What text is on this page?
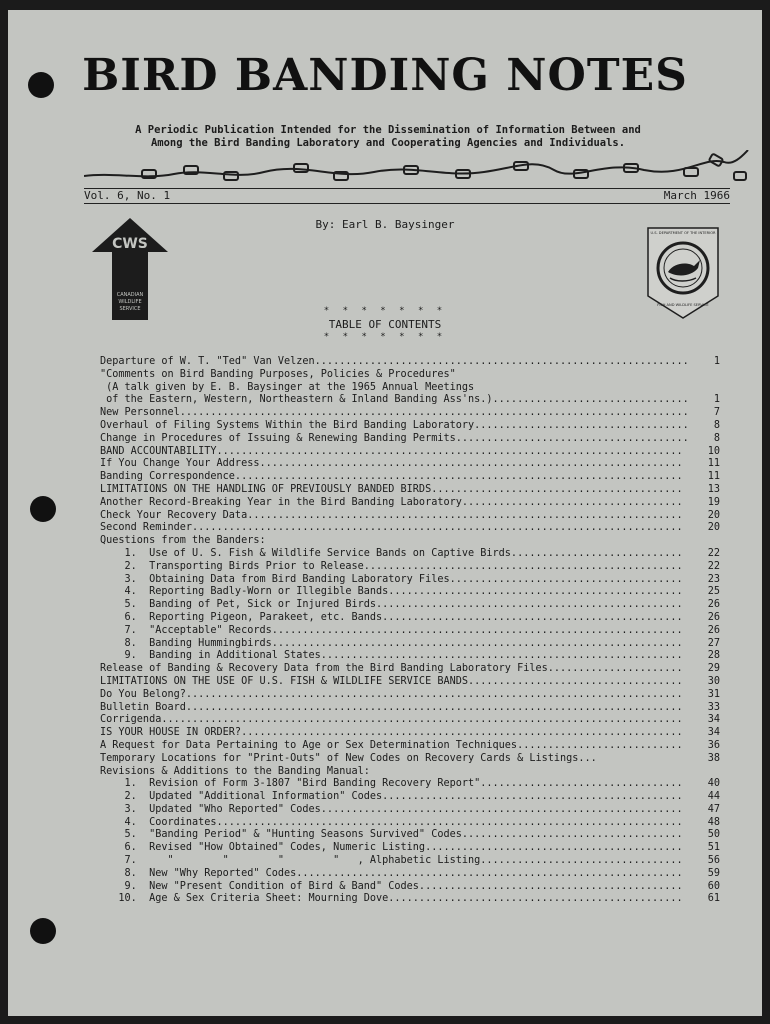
BIRD BANDING NOTES
A Periodic Publication Intended for the Dissemination of Information Between and
Among the Bird Banding Laboratory and Cooperating Agencies and Individuals.
Vol. 6, No. 1	March 1966
By: Earl B. Baysinger
CWS
CANADIAN
WILDLIFE
SERVICE
U.S. DEPARTMENT OF THE INTERIOR
FISH AND WILDLIFE SERVICE
* * * * * * *
TABLE OF CONTENTS
* * * * * * *
Departure of W. T. "Ted" Van Velzen............................................................. 1
"Comments on Bird Banding Purposes, Policies & Procedures"
(A talk given by E. B. Baysinger at the 1965 Annual Meetings
of the Eastern, Western, Northeastern & Inland Banding Ass'ns.)................................ 1
New Personnel................................................................................... 7
Overhaul of Filing Systems Within the Bird Banding Laboratory................................... 8
Change in Procedures of Issuing & Renewing Banding Permits...................................... 8
BAND ACCOUNTABILITY............................................................................ 10
If You Change Your Address..................................................................... 11
Banding Correspondence......................................................................... 11
LIMITATIONS ON THE HANDLING OF PREVIOUSLY BANDED BIRDS......................................... 13
Another Record-Breaking Year in the Bird Banding Laboratory.................................... 19
Check Your Recovery Data....................................................................... 20
Second Reminder................................................................................ 20
Questions from the Banders:
1.  Use of U. S. Fish & Wildlife Service Bands on Captive Birds............................ 22
2.  Transporting Birds Prior to Release.................................................... 22
3.  Obtaining Data from Bird Banding Laboratory Files...................................... 23
4.  Reporting Badly-Worn or Illegible Bands................................................ 25
5.  Banding of Pet, Sick or Injured Birds.................................................. 26
6.  Reporting Pigeon, Parakeet, etc. Bands................................................. 26
7.  "Acceptable" Records................................................................... 26
8.  Banding Hummingbirds................................................................... 27
9.  Banding in Additional States........................................................... 28
Release of Banding & Recovery Data from the Bird Banding Laboratory Files...................... 29
LIMITATIONS ON THE USE OF U.S. FISH & WILDLIFE SERVICE BANDS................................... 30
Do You Belong?................................................................................. 31
Bulletin Board................................................................................. 33
Corrigenda..................................................................................... 34
IS YOUR HOUSE IN ORDER?........................................................................ 34
A Request for Data Pertaining to Age or Sex Determination Techniques........................... 36
Temporary Locations for "Print-Outs" of New Codes on Recovery Cards & Listings...	38
Revisions & Additions to the Banding Manual:
1.  Revision of Form 3-1807 "Bird Banding Recovery Report"................................. 40
2.  Updated "Additional Information" Codes................................................. 44
3.  Updated "Who Reported" Codes........................................................... 47
4.  Coordinates............................................................................ 48
5.  "Banding Period" & "Hunting Seasons Survived" Codes.................................... 50
6.  Revised "How Obtained" Codes, Numeric Listing.......................................... 51
7.     "        "        "        "   , Alphabetic Listing................................. 56
8.  New "Why Reported" Codes............................................................... 59
9.  New "Present Condition of Bird & Band" Codes........................................... 60
10.  Age & Sex Criteria Sheet: Mourning Dove................................................ 61
